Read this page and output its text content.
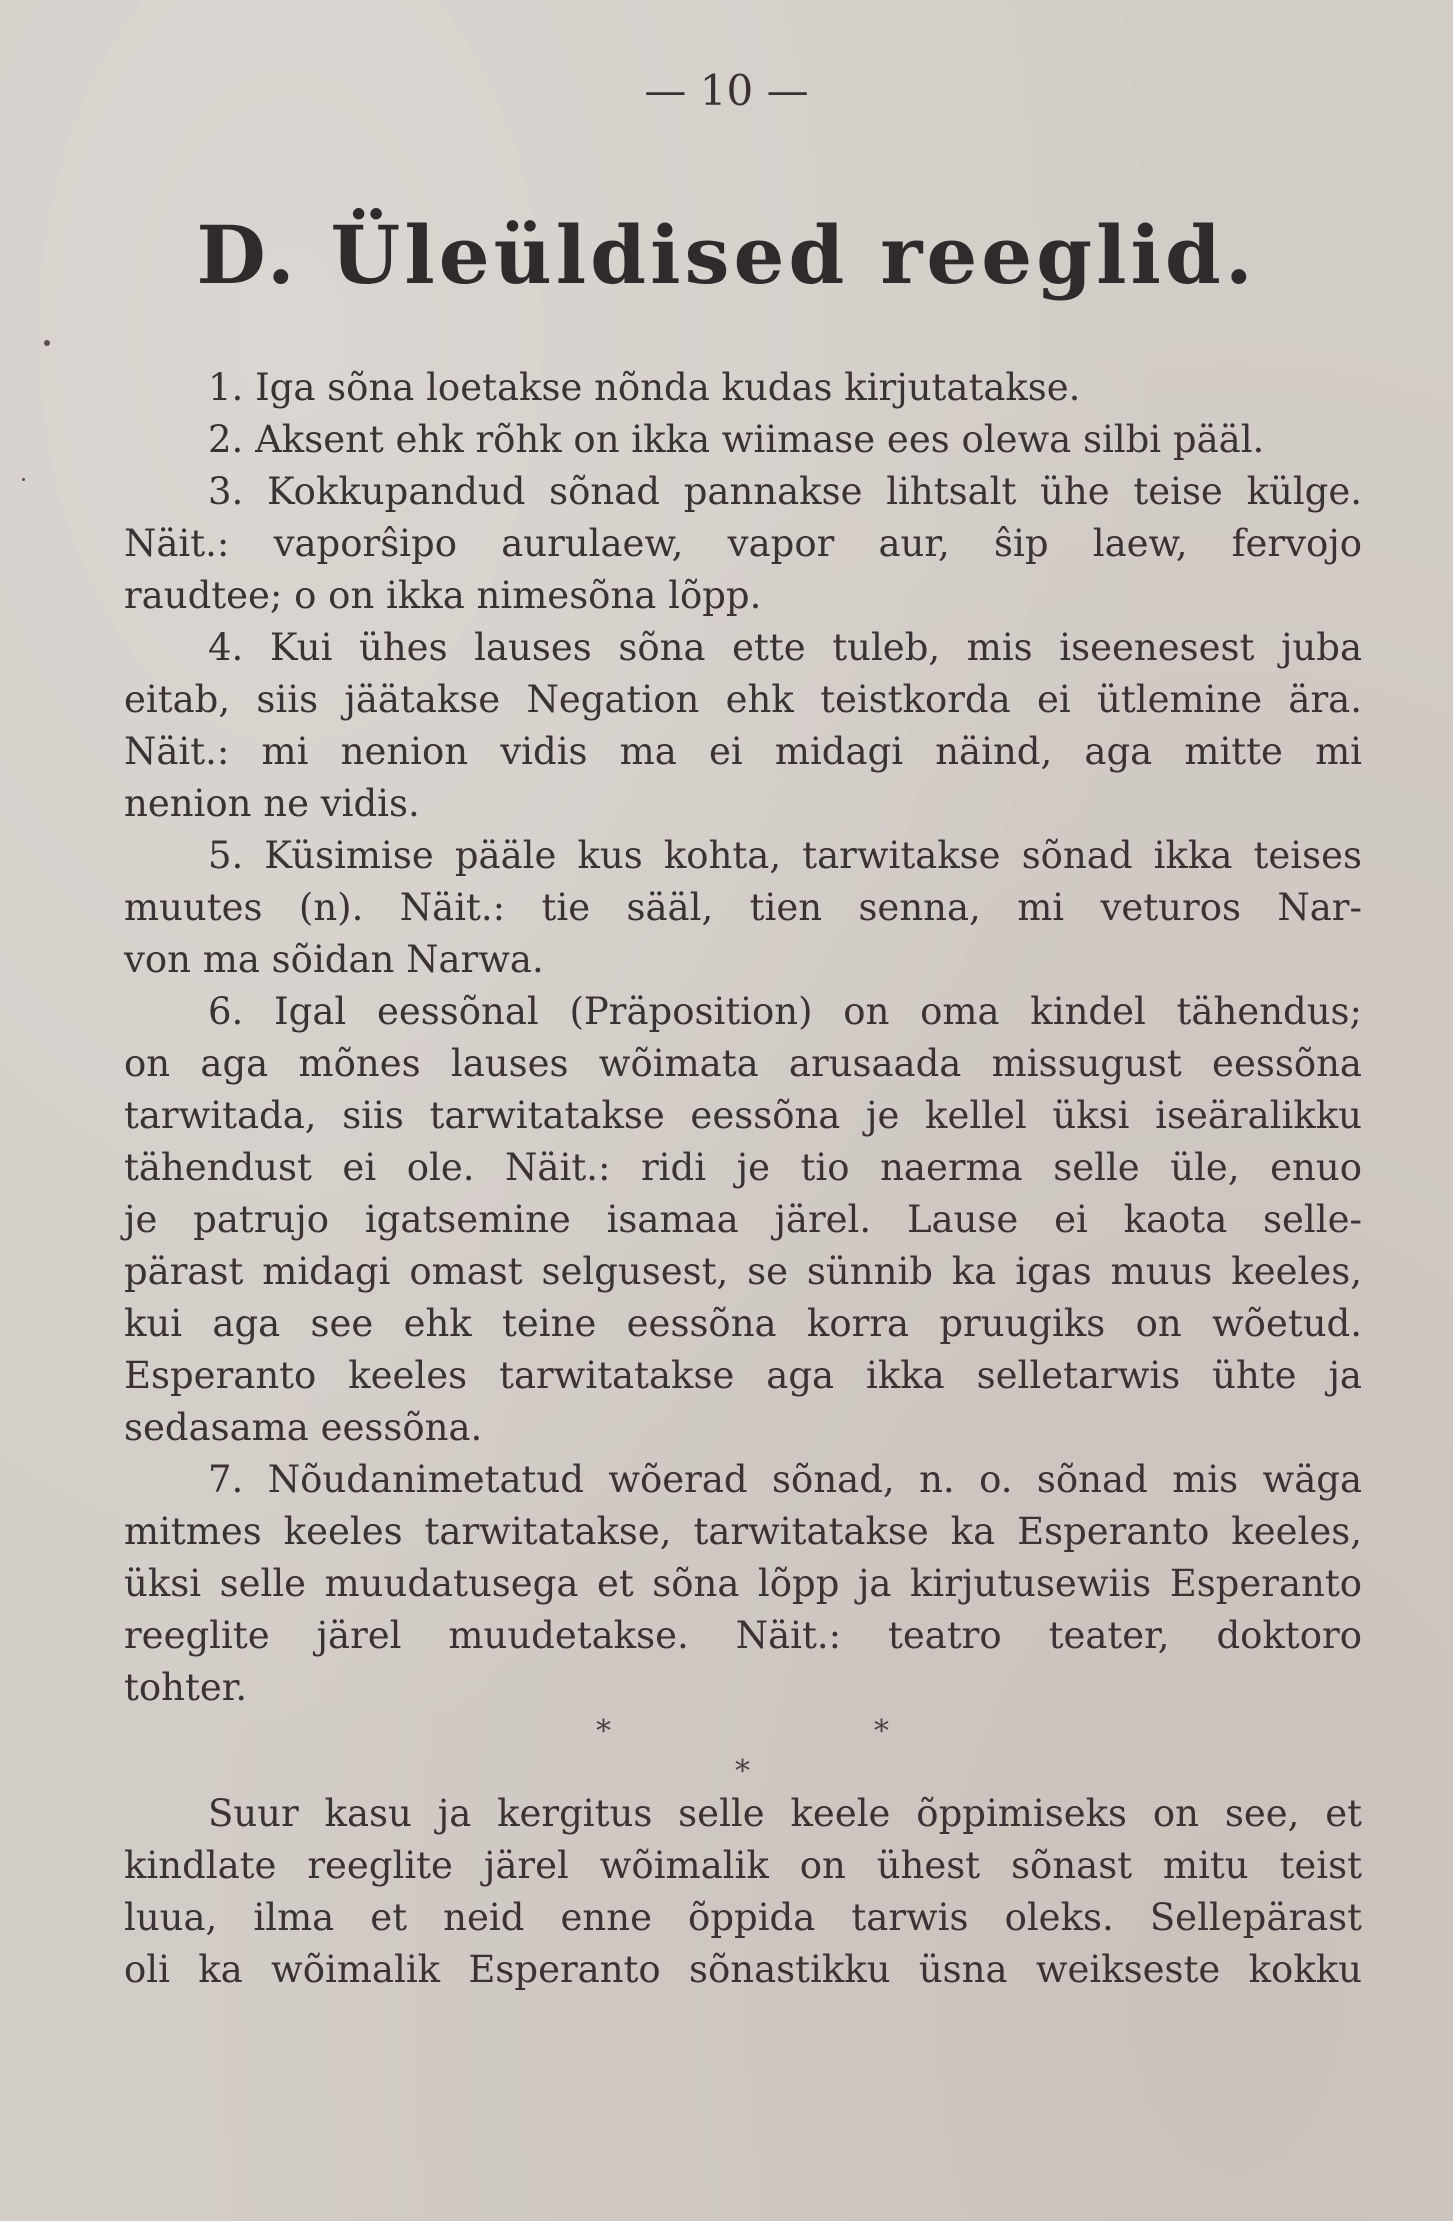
— 10 —
D. Üleüldised reeglid.
1. Iga sõna loetakse nõnda kudas kirjutatakse.
2. Aksent ehk rõhk on ikka wiimase ees olewa silbi pääl.
3. Kokkupandud sõnad pannakse lihtsalt ühe teise külge.
Näit.: vaporŝipo aurulaew, vapor aur, ŝip laew, fervojo
raudtee; o on ikka nimesõna lõpp.
4. Kui ühes lauses sõna ette tuleb, mis iseenesest juba
eitab, siis jäätakse Negation ehk teistkorda ei ütlemine ära.
Näit.: mi nenion vidis ma ei midagi näind, aga mitte mi
nenion ne vidis.
5. Küsimise pääle kus kohta, tarwitakse sõnad ikka teises
muutes (n). Näit.: tie sääl, tien senna, mi veturos Nar-
von ma sõidan Narwa.
6. Igal eessõnal (Präposition) on oma kindel tähendus;
on aga mõnes lauses wõimata arusaada missugust eessõna
tarwitada, siis tarwitatakse eessõna je kellel üksi iseäralikku
tähendust ei ole. Näit.: ridi je tio naerma selle üle, enuo
je patrujo igatsemine isamaa järel. Lause ei kaota selle-
pärast midagi omast selgusest, se sünnib ka igas muus keeles,
kui aga see ehk teine eessõna korra pruugiks on wõetud.
Esperanto keeles tarwitatakse aga ikka selletarwis ühte ja
sedasama eessõna.
7. Nõudanimetatud wõerad sõnad, n. o. sõnad mis wäga
mitmes keeles tarwitatakse, tarwitatakse ka Esperanto keeles,
üksi selle muudatusega et sõna lõpp ja kirjutusewiis Esperanto
reeglite järel muudetakse. Näit.: teatro teater, doktoro
tohter.
*	*
*
Suur kasu ja kergitus selle keele õppimiseks on see, et
kindlate reeglite järel wõimalik on ühest sõnast mitu teist
luua, ilma et neid enne õppida tarwis oleks. Sellepärast
oli ka wõimalik Esperanto sõnastikku üsna weikseste kokku
